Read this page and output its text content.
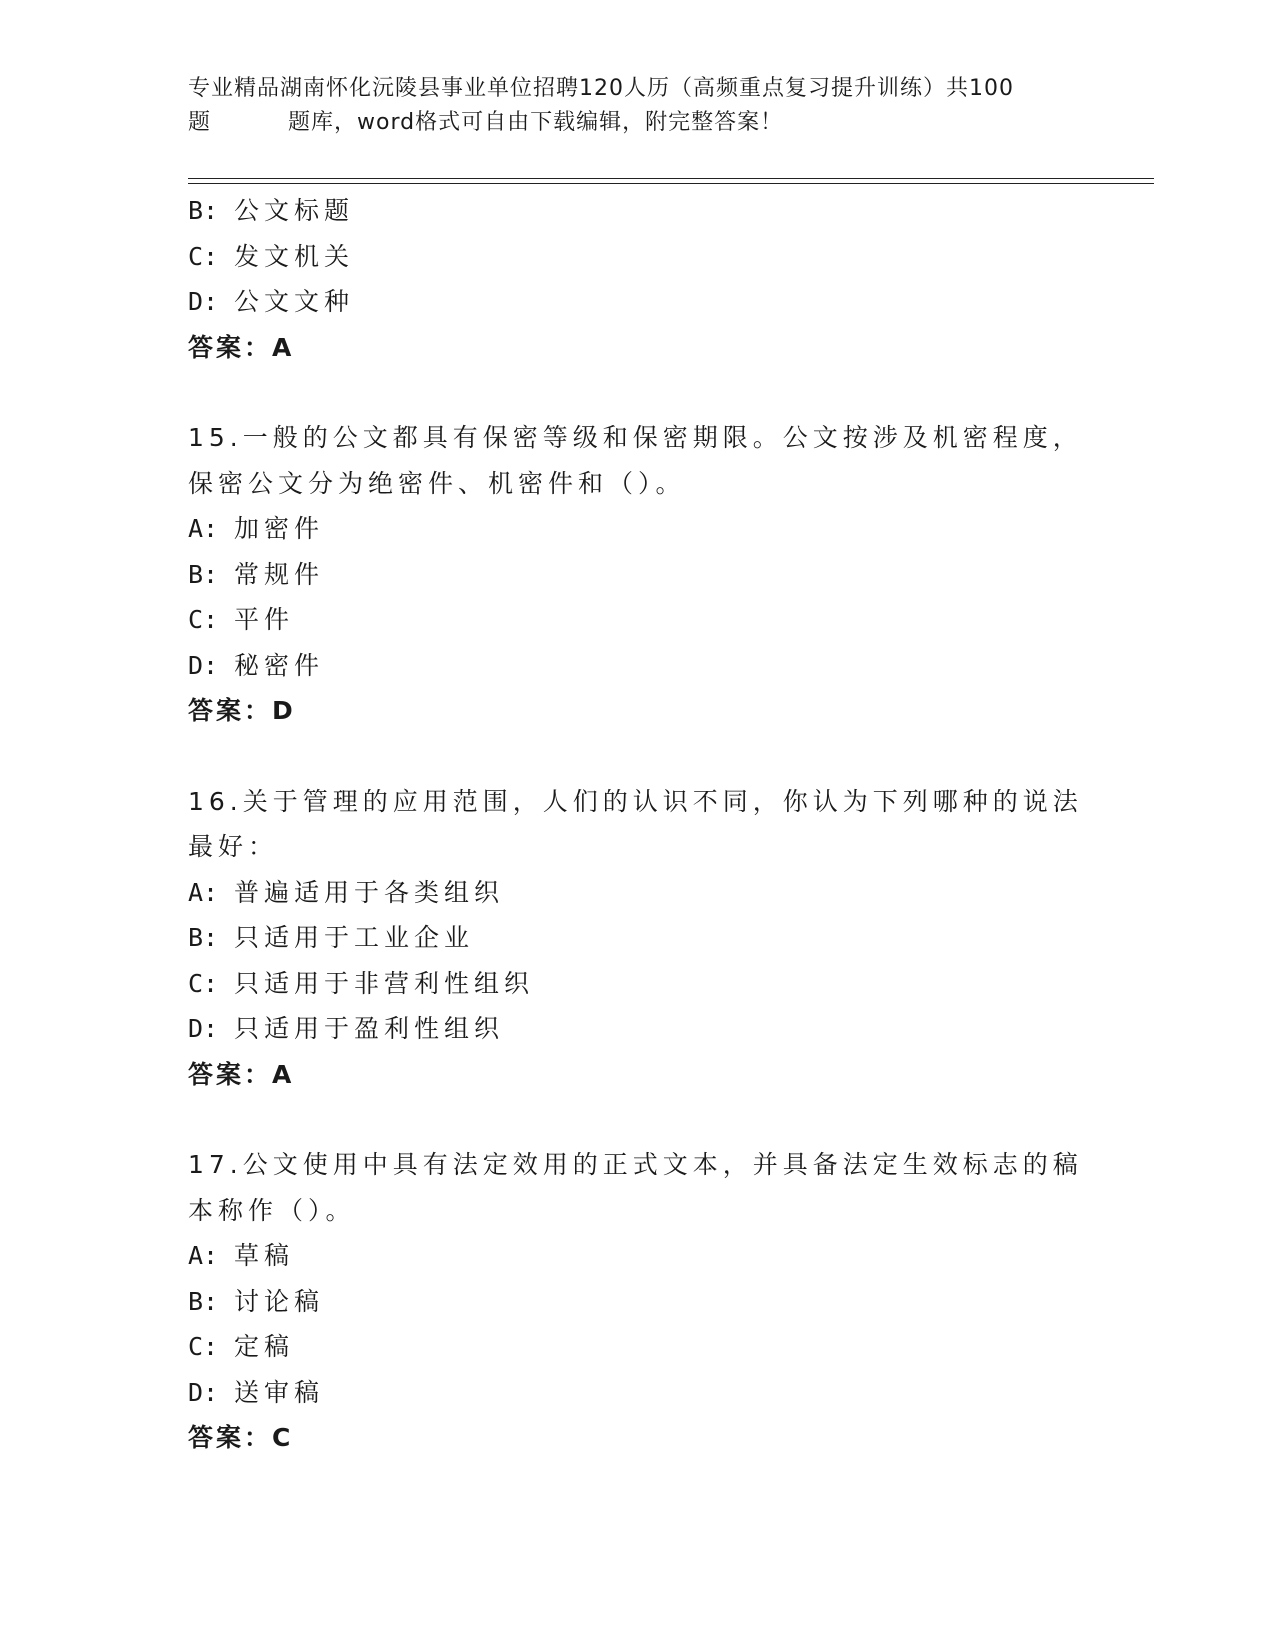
专业精品湖南怀化沅陵县事业单位招聘120人历（高频重点复习提升训练）共100
题	题库，word格式可自由下载编辑，附完整答案！
B: 公文标题
C: 发文机关
D: 公文文种
答案：A
15.一般的公文都具有保密等级和保密期限。公文按涉及机密程度，保密公文分为绝密件、机密件和（）。
A: 加密件
B: 常规件
C: 平件
D: 秘密件
答案：D
16.关于管理的应用范围，人们的认识不同，你认为下列哪种的说法最好：
A: 普遍适用于各类组织
B: 只适用于工业企业
C: 只适用于非营利性组织
D: 只适用于盈利性组织
答案：A
17.公文使用中具有法定效用的正式文本，并具备法定生效标志的稿本称作（）。
A: 草稿
B: 讨论稿
C: 定稿
D: 送审稿
答案：C
